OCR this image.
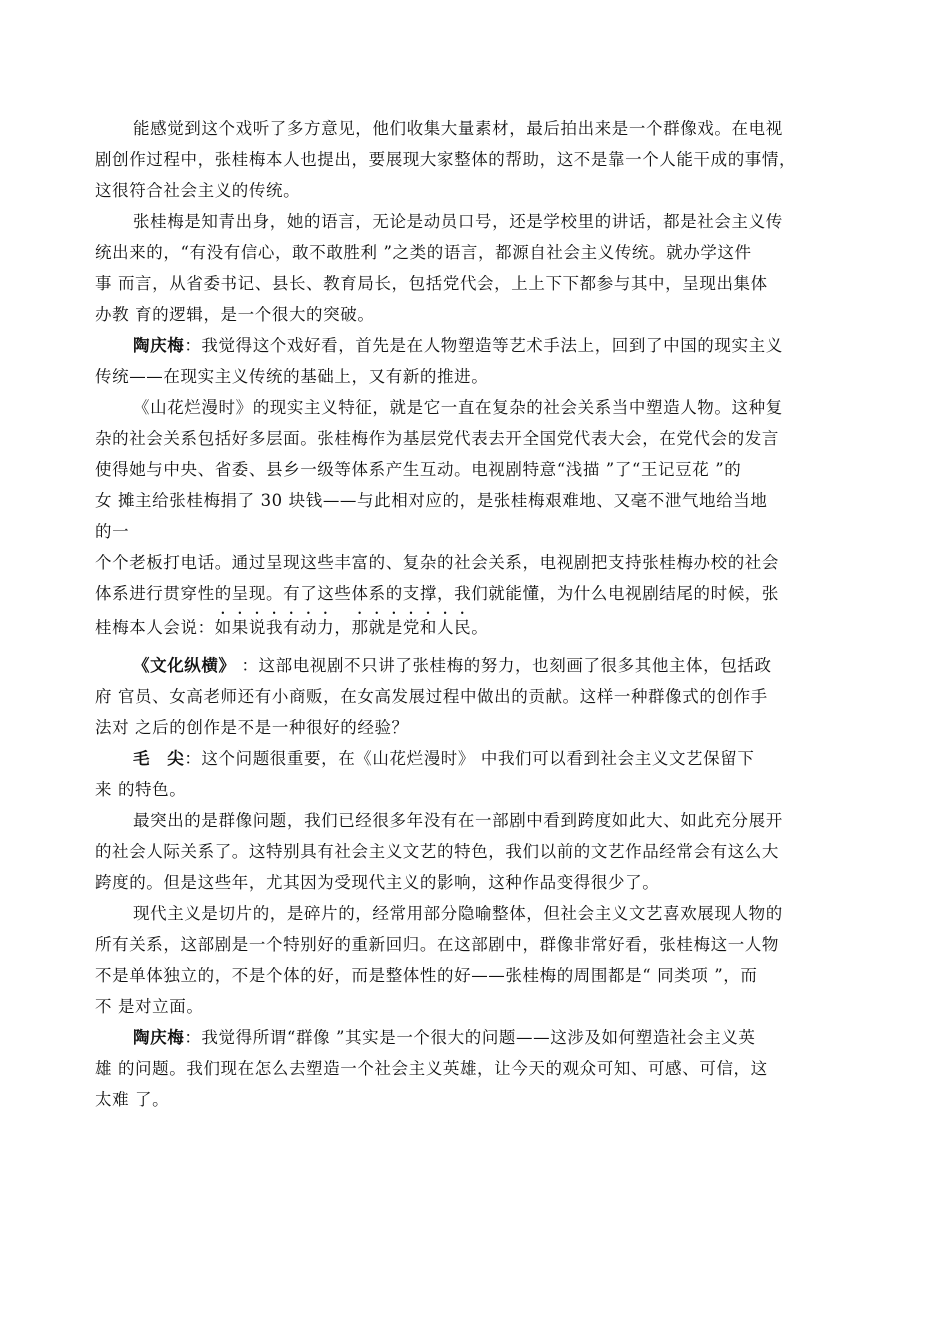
能感觉到这个戏听了多方意见，他们收集大量素材，最后拍出来是一个群像戏。在电视
剧创作过程中，张桂梅本人也提出，要展现大家整体的帮助，这不是靠一个人能干成的事情，
这很符合社会主义的传统。
张桂梅是知青出身，她的语言，无论是动员口号，还是学校里的讲话，都是社会主义传
统出来的，“有没有信心，敢不敢胜利 ”之类的语言，都源自社会主义传统。就办学这件
事 而言，从省委书记、县长、教育局长，包括党代会，上上下下都参与其中，呈现出集体
办教 育的逻辑，是一个很大的突破。
陶庆梅：我觉得这个戏好看，首先是在人物塑造等艺术手法上，回到了中国的现实主义
传统——在现实主义传统的基础上，又有新的推进。
《山花烂漫时》的现实主义特征，就是它一直在复杂的社会关系当中塑造人物。这种复
杂的社会关系包括好多层面。张桂梅作为基层党代表去开全国党代表大会，在党代会的发言
使得她与中央、省委、县乡一级等体系产生互动。电视剧特意“浅描 ”了“王记豆花 ”的
女 摊主给张桂梅捐了 30 块钱——与此相对应的，是张桂梅艰难地、又毫不泄气地给当地
的一
个个老板打电话。通过呈现这些丰富的、复杂的社会关系，电视剧把支持张桂梅办校的社会
体系进行贯穿性的呈现。有了这些体系的支撑，我们就能懂，为什么电视剧结尾的时候，张
桂梅本人会说：如果说我有动力，那就是党和人民。
《文化纵横》 ：这部电视剧不只讲了张桂梅的努力，也刻画了很多其他主体，包括政
府 官员、女高老师还有小商贩，在女高发展过程中做出的贡献。这样一种群像式的创作手
法对 之后的创作是不是一种很好的经验？
毛　尖：这个问题很重要，在《山花烂漫时》 中我们可以看到社会主义文艺保留下
来 的特色。
最突出的是群像问题，我们已经很多年没有在一部剧中看到跨度如此大、如此充分展开
的社会人际关系了。这特别具有社会主义文艺的特色，我们以前的文艺作品经常会有这么大
跨度的。但是这些年，尤其因为受现代主义的影响，这种作品变得很少了。
现代主义是切片的，是碎片的，经常用部分隐喻整体，但社会主义文艺喜欢展现人物的
所有关系，这部剧是一个特别好的重新回归。在这部剧中，群像非常好看，张桂梅这一人物
不是单体独立的，不是个体的好，而是整体性的好——张桂梅的周围都是“ 同类项 ”，而
不 是对立面。
陶庆梅：我觉得所谓“群像 ”其实是一个很大的问题——这涉及如何塑造社会主义英
雄 的问题。我们现在怎么去塑造一个社会主义英雄，让今天的观众可知、可感、可信，这
太难 了。
